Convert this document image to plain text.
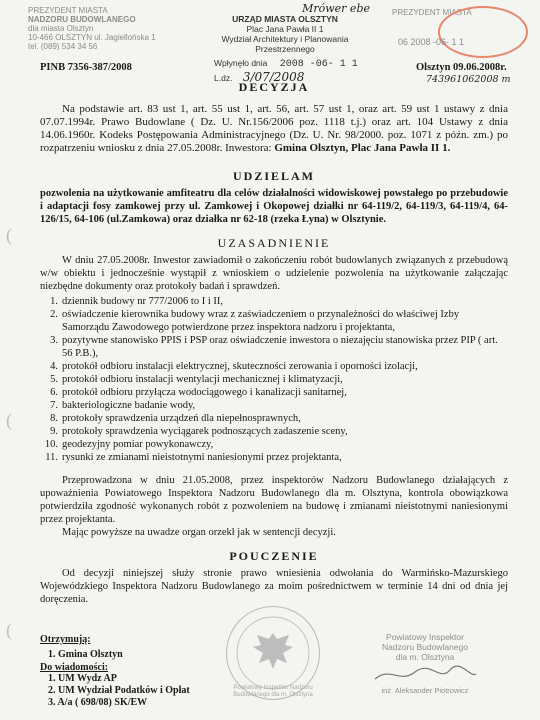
PREZYDENT MIASTA
NADZORU BUDOWLANEGO
dla miasta Olsztyn
10-466 OLSZTYN ul. Jagiellońska 1
tel. (089) 534 34 56
PREZYDENT MIASTA
PINB 7356-387/2008
Mrówer ebe
URZĄD MIASTA OLSZTYN
Plac Jana Pawła II 1
Wydział Architektury i Planowania
Przestrzennego
Wpłynęło dnia 2008 -06- 1 1
L.dz. 3/07/2008
06 2008 -06- 1 1
Olsztyn 09.06.2008r.
743961062008 m
(
(
(
DECYZJA

Na podstawie art. 83 ust 1, art. 55 ust 1, art. 56, art. 57 ust 1, oraz art. 59 ust 1 ustawy z dnia 07.07.1994r. Prawo Budowlane ( Dz. U. Nr.156/2006 poz. 1118 t.j.) oraz art. 104 Ustawy z dnia 14.06.1960r. Kodeks Postępowania Administracyjnego (Dz. U. Nr. 98/2000. poz. 1071 z późn. zm.) po rozpatrzeniu wniosku z dnia 27.05.2008r. Inwestora: Gmina Olsztyn, Plac Jana Pawła II 1.

UDZIELAM

pozwolenia na użytkowanie amfiteatru dla celów działalności widowiskowej powstałego po przebudowie i adaptacji fosy zamkowej przy ul. Zamkowej i Okopowej działki nr 64-119/2, 64-119/3, 64-119/4, 64-126/15, 64-106 (ul.Zamkowa) oraz działka nr 62-18 (rzeka Łyna) w Olsztynie.

UZASADNIENIE

W dniu 27.05.2008r. Inwestor zawiadomił o zakończeniu robót budowlanych związanych z przebudową w/w obiektu i jednocześnie wystąpił z wnioskiem o udzielenie pozwolenia na użytkowanie załączając niezbędne dokumenty oraz protokoły badań i sprawdzeń.

1. dziennik budowy nr 777/2006 to I i II,
2. oświadczenie kierownika budowy wraz z zaświadczeniem o przynależności do właściwej Izby Samorządu Zawodowego potwierdzone przez inspektora nadzoru i projektanta,
3. pozytywne stanowisko PPIS i PSP oraz oświadczenie inwestora o niezajęciu stanowiska przez PIP ( art. 56 P.B.),
4. protokół odbioru instalacji elektrycznej, skuteczności zerowania i oporności izolacji,
5. protokół odbioru instalacji wentylacji mechanicznej i klimatyzacji,
6. protokół odbioru przyłącza wodociągowego i kanalizacji sanitarnej,
7. bakteriologiczne badanie wody,
8. protokoły sprawdzenia urządzeń dla niepełnosprawnych,
9. protokoły sprawdzenia wyciągarek podnoszących zadaszenie sceny,
10. geodezyjny pomiar powykonawczy,
11. rysunki ze zmianami nieistotnymi naniesionymi przez projektanta,

Przeprowadzona w dniu 21.05.2008, przez inspektorów Nadzoru Budowlanego działających z upoważnienia Powiatowego Inspektora Nadzoru Budowlanego dla m. Olsztyna, kontrola obowiązkowa potwierdziła zgodność wykonanych robót z pozwoleniem na budowę i zmianami nieistotnymi naniesionymi przez projektanta.

Mając powyższe na uwadze organ orzekł jak w sentencji decyzji.

POUCZENIE

Od decyzji niniejszej służy stronie prawo wniesienia odwołania do Warmińsko-Mazurskiego Wojewódzkiego Inspektora Nadzoru Budowlanego za moim pośrednictwem w terminie 14 dni od dnia jej doręczenia.

Otrzymują:
1. Gmina Olsztyn
Do wiadomości:
1. UM Wydz AP
2. UM Wydział Podatków i Opłat
3. A/a ( 698/08) SK/EW
Powiatowy Inspektor Nadzoru Budowlanego dla m. Olsztyna
Powiatowy Inspektor
Nadzoru Budowlanego
dla m. Olsztyna
inż. Aleksander Piotrowicz
